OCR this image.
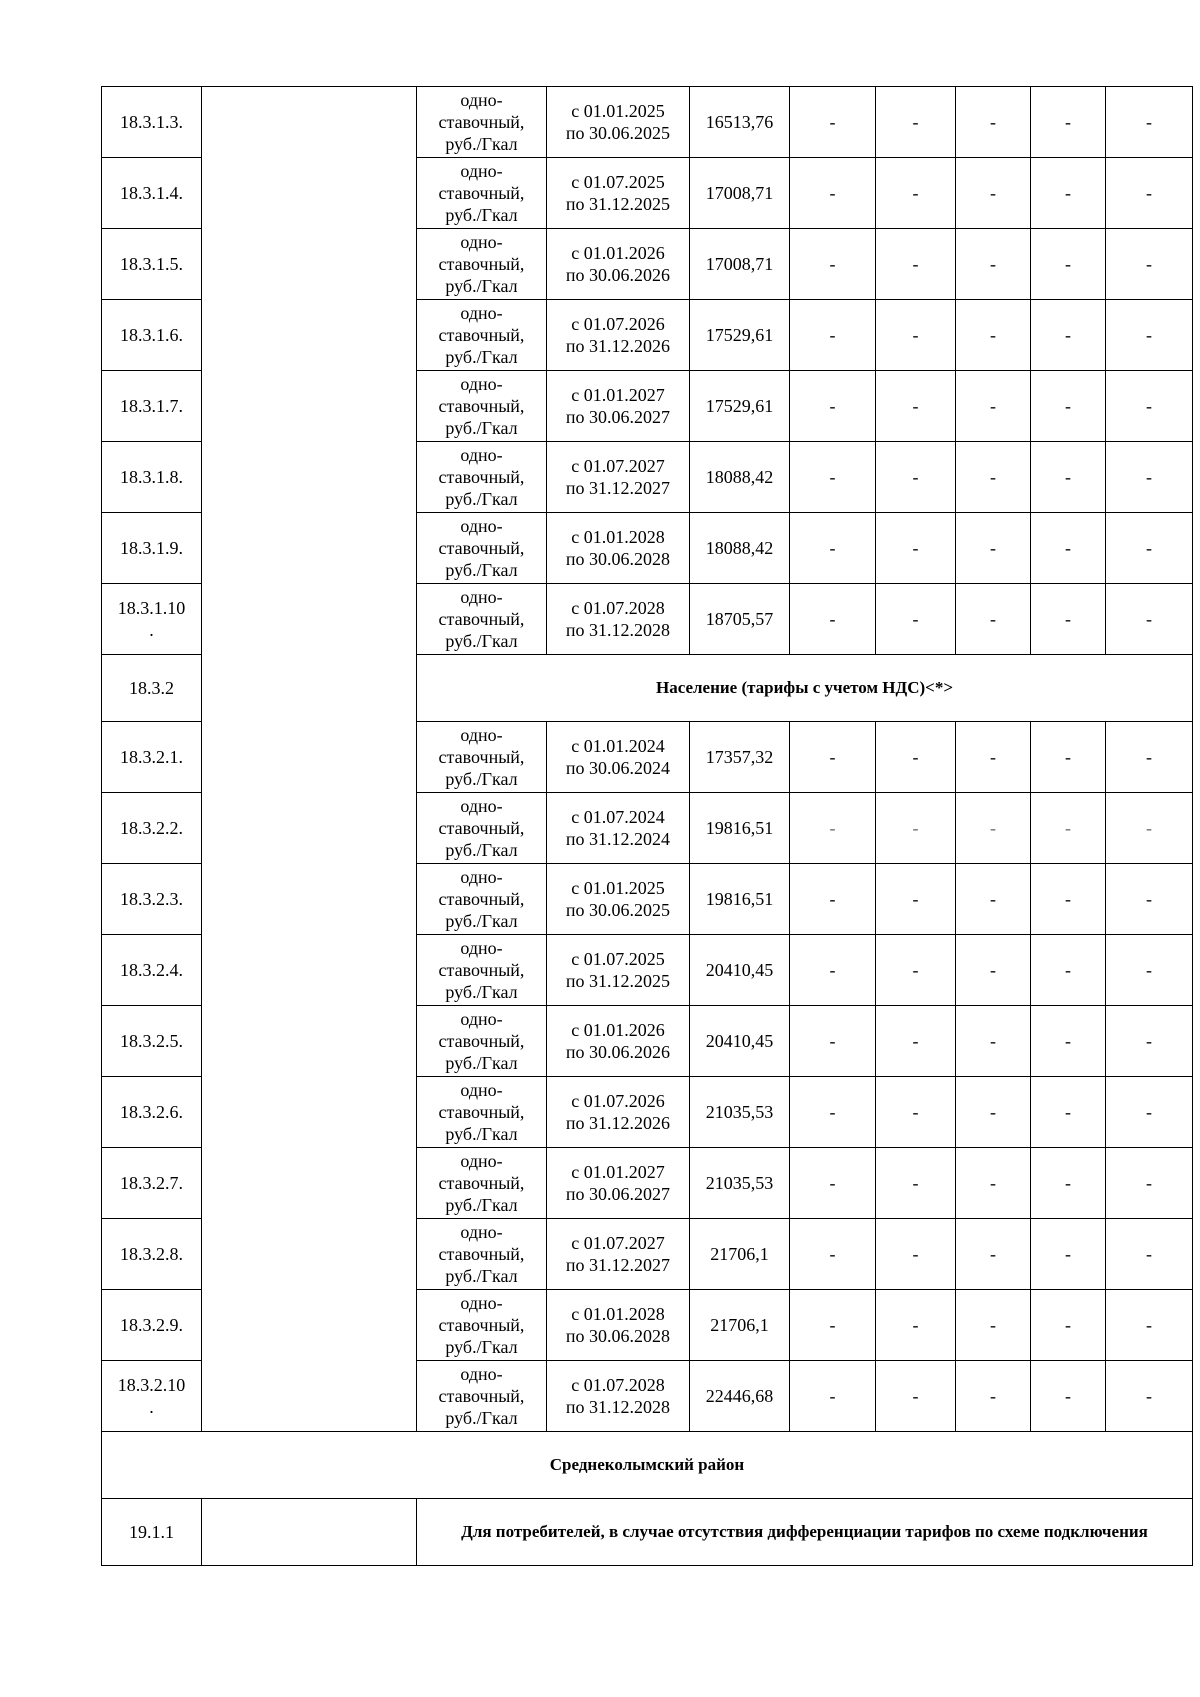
18.3.1.3.		одно-
ставочный,
руб./Гкал	с 01.01.2025
по 30.06.2025	16513,76	-	-	-	-	-
18.3.1.4.		одно-
ставочный,
руб./Гкал	с 01.07.2025
по 31.12.2025	17008,71	-	-	-	-	-
18.3.1.5.		одно-
ставочный,
руб./Гкал	с 01.01.2026
по 30.06.2026	17008,71	-	-	-	-	-
18.3.1.6.		одно-
ставочный,
руб./Гкал	с 01.07.2026
по 31.12.2026	17529,61	-	-	-	-	-
18.3.1.7.		одно-
ставочный,
руб./Гкал	с 01.01.2027
по 30.06.2027	17529,61	-	-	-	-	-
18.3.1.8.		одно-
ставочный,
руб./Гкал	с 01.07.2027
по 31.12.2027	18088,42	-	-	-	-	-
18.3.1.9.		одно-
ставочный,
руб./Гкал	с 01.01.2028
по 30.06.2028	18088,42	-	-	-	-	-
18.3.1.10
.		одно-
ставочный,
руб./Гкал	с 01.07.2028
по 31.12.2028	18705,57	-	-	-	-	-
18.3.2		Население (тарифы с учетом НДС)<*>							
18.3.2.1.		одно-
ставочный,
руб./Гкал	с 01.01.2024
по 30.06.2024	17357,32	-	-	-	-	-
18.3.2.2.		одно-
ставочный,
руб./Гкал	с 01.07.2024
по 31.12.2024	19816,51	-	-	-	-	-
18.3.2.3.		одно-
ставочный,
руб./Гкал	с 01.01.2025
по 30.06.2025	19816,51	-	-	-	-	-
18.3.2.4.		одно-
ставочный,
руб./Гкал	с 01.07.2025
по 31.12.2025	20410,45	-	-	-	-	-
18.3.2.5.		одно-
ставочный,
руб./Гкал	с 01.01.2026
по 30.06.2026	20410,45	-	-	-	-	-
18.3.2.6.		одно-
ставочный,
руб./Гкал	с 01.07.2026
по 31.12.2026	21035,53	-	-	-	-	-
18.3.2.7.		одно-
ставочный,
руб./Гкал	с 01.01.2027
по 30.06.2027	21035,53	-	-	-	-	-
18.3.2.8.		одно-
ставочный,
руб./Гкал	с 01.07.2027
по 31.12.2027	21706,1	-	-	-	-	-
18.3.2.9.		одно-
ставочный,
руб./Гкал	с 01.01.2028
по 30.06.2028	21706,1	-	-	-	-	-
18.3.2.10
.		одно-
ставочный,
руб./Гкал	с 01.07.2028
по 31.12.2028	22446,68	-	-	-	-	-
Среднеколымский район									
19.1.1		Для потребителей, в случае отсутствия дифференциации тарифов по схеме подключения							
